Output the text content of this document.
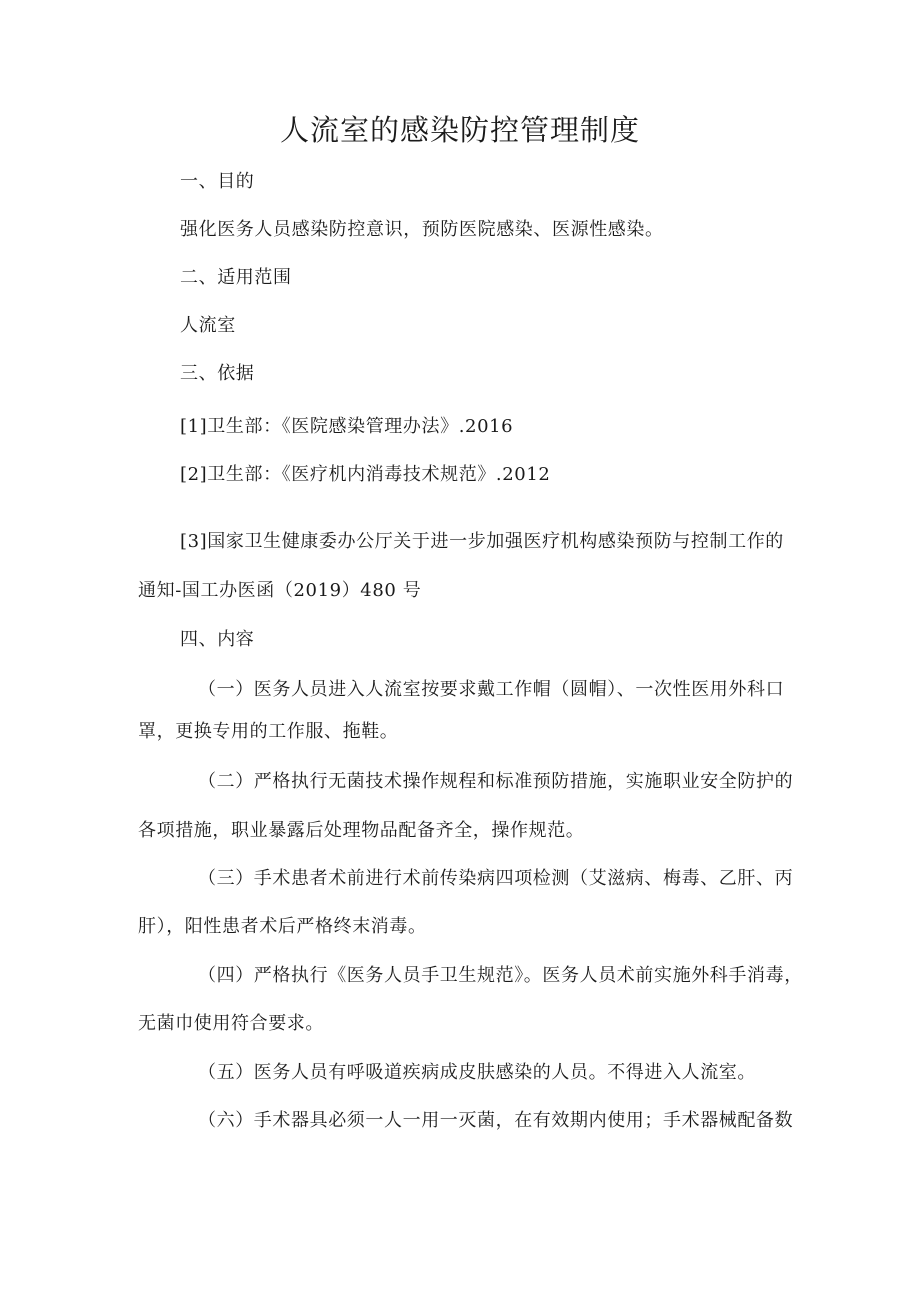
人流室的感染防控管理制度
一、目的
强化医务人员感染防控意识，预防医院感染、医源性感染。
二、适用范围
人流室
三、依据
[1]卫生部：《医院感染管理办法》.2016
[2]卫生部：《医疗机内消毒技术规范》.2012
[3]国家卫生健康委办公厅关于进一步加强医疗机构感染预防与控制工作的
通知-国工办医函（2019）480 号
四、内容
（一）医务人员进入人流室按要求戴工作帽（圆帽）、一次性医用外科口
罩，更换专用的工作服、拖鞋。
（二）严格执行无菌技术操作规程和标准预防措施，实施职业安全防护的
各项措施，职业暴露后处理物品配备齐全，操作规范。
（三）手术患者术前进行术前传染病四项检测（艾滋病、梅毒、乙肝、丙
肝），阳性患者术后严格终末消毒。
（四）严格执行《医务人员手卫生规范》。医务人员术前实施外科手消毒，
无菌巾使用符合要求。
（五）医务人员有呼吸道疾病成皮肤感染的人员。不得进入人流室。
（六）手术器具必须一人一用一灭菌，在有效期内使用；手术器械配备数
